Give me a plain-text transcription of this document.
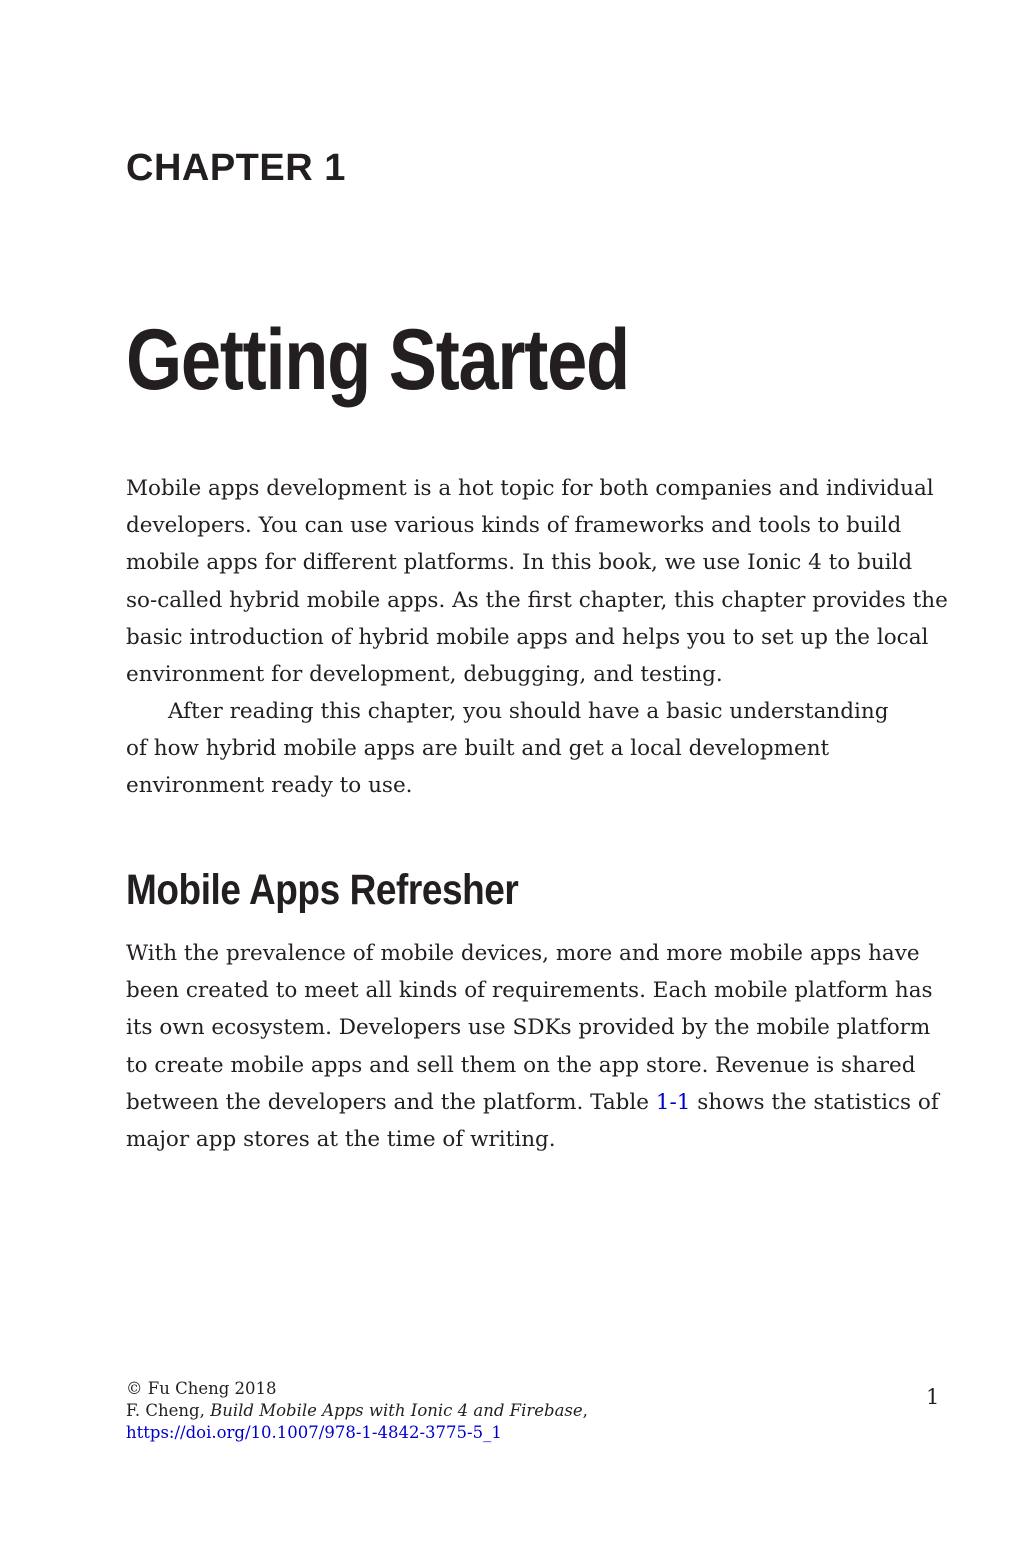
CHAPTER 1
Getting Started
Mobile apps development is a hot topic for both companies and individual
developers. You can use various kinds of frameworks and tools to build
mobile apps for different platforms. In this book, we use Ionic 4 to build
so-called hybrid mobile apps. As the first chapter, this chapter provides the
basic introduction of hybrid mobile apps and helps you to set up the local
environment for development, debugging, and testing.
After reading this chapter, you should have a basic understanding
of how hybrid mobile apps are built and get a local development
environment ready to use.
Mobile Apps Refresher
With the prevalence of mobile devices, more and more mobile apps have
been created to meet all kinds of requirements. Each mobile platform has
its own ecosystem. Developers use SDKs provided by the mobile platform
to create mobile apps and sell them on the app store. Revenue is shared
between the developers and the platform. Table 1-1 shows the statistics of
major app stores at the time of writing.
© Fu Cheng 2018
F. Cheng, Build Mobile Apps with Ionic 4 and Firebase,
https://doi.org/10.1007/978-1-4842-3775-5_1
1
